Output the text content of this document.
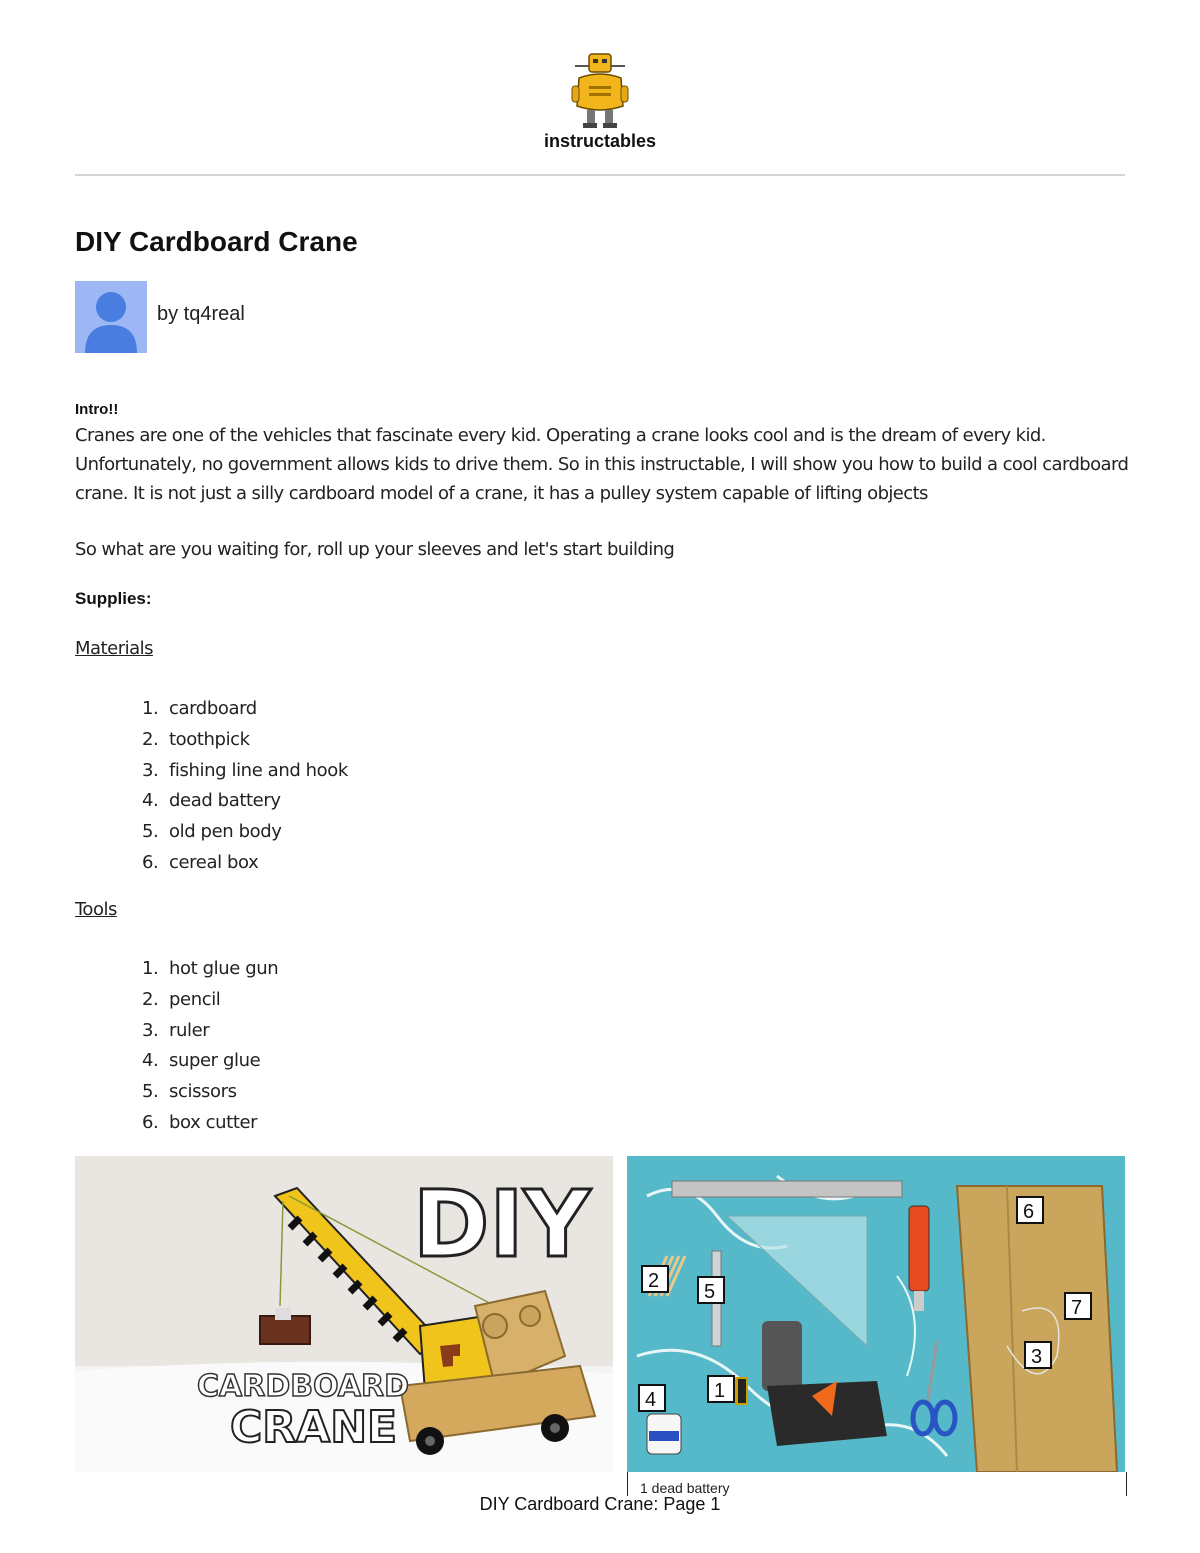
instructables
DIY Cardboard Crane
by tq4real
Intro!!

Cranes are one of the vehicles that fascinate every kid. Operating a crane looks cool and is the dream of every kid. Unfortunately, no government allows kids to drive them. So in this instructable, I will show you how to build a cool cardboard crane. It is not just a silly cardboard model of a crane, it has a pulley system capable of lifting objects

So what are you waiting for, roll up your sleeves and let's start building

Supplies:
Materials
1. cardboard
2. toothpick
3. fishing line and hook
4. dead battery
5. old pen body
6. cereal box
Tools
1. hot glue gun
2. pencil
3. ruler
4. super glue
5. scissors
6. box cutter
DIY
CARDBOARD
CRANE
6
2 5
7
3
4	1
1 dead battery
DIY Cardboard Crane: Page 1
